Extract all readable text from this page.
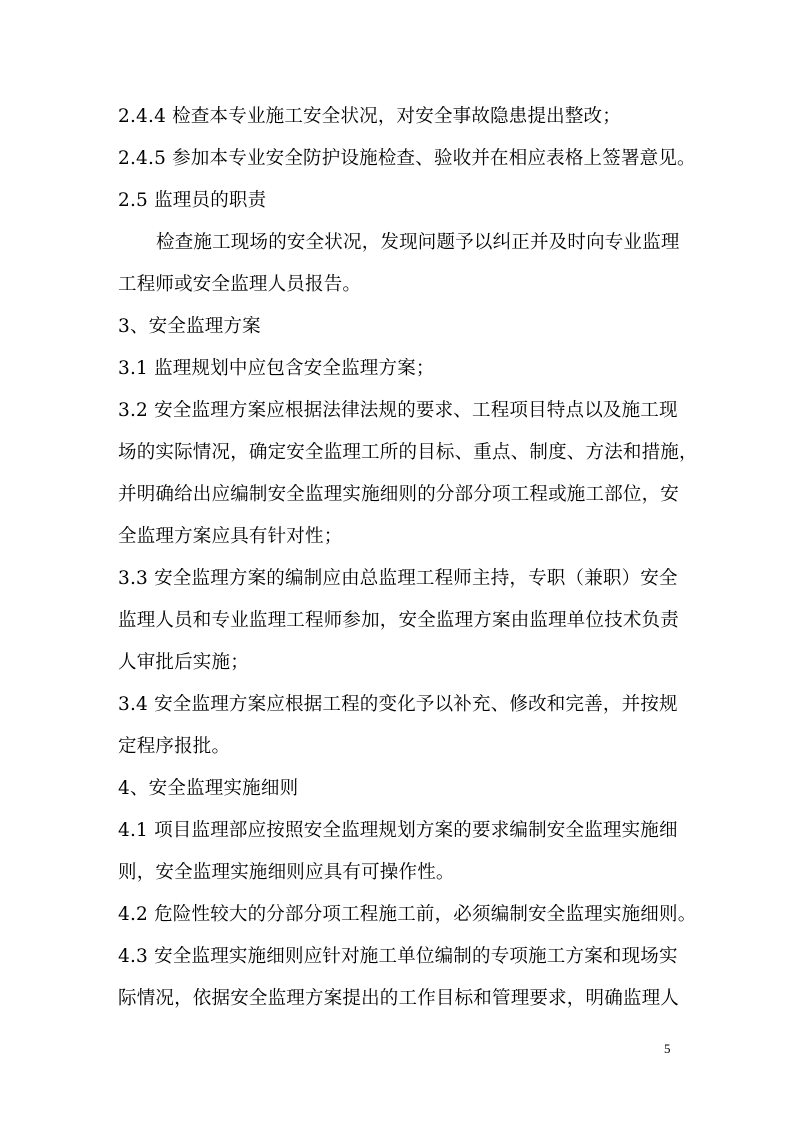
2.4.4 检查本专业施工安全状况，对安全事故隐患提出整改；
2.4.5 参加本专业安全防护设施检查、验收并在相应表格上签署意见。
2.5 监理员的职责
检查施工现场的安全状况，发现问题予以纠正并及时向专业监理
工程师或安全监理人员报告。
3、安全监理方案
3.1 监理规划中应包含安全监理方案；
3.2 安全监理方案应根据法律法规的要求、工程项目特点以及施工现
场的实际情况，确定安全监理工所的目标、重点、制度、方法和措施，
并明确给出应编制安全监理实施细则的分部分项工程或施工部位，安
全监理方案应具有针对性；
3.3 安全监理方案的编制应由总监理工程师主持，专职（兼职）安全
监理人员和专业监理工程师参加，安全监理方案由监理单位技术负责
人审批后实施；
3.4 安全监理方案应根据工程的变化予以补充、修改和完善，并按规
定程序报批。
4、安全监理实施细则
4.1 项目监理部应按照安全监理规划方案的要求编制安全监理实施细
则，安全监理实施细则应具有可操作性。
4.2 危险性较大的分部分项工程施工前，必须编制安全监理实施细则。
4.3 安全监理实施细则应针对施工单位编制的专项施工方案和现场实
际情况，依据安全监理方案提出的工作目标和管理要求，明确监理人
5
